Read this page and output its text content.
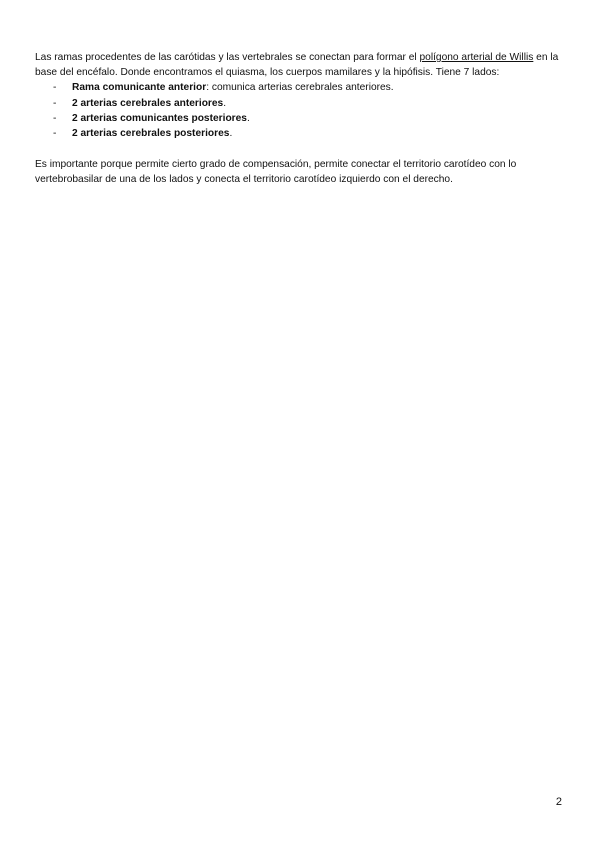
Las ramas procedentes de las carótidas y las vertebrales se conectan para formar el polígono arterial de Willis en la base del encéfalo. Donde encontramos el quiasma, los cuerpos mamilares y la hipófisis. Tiene 7 lados:

- Rama comunicante anterior: comunica arterias cerebrales anteriores.
- 2 arterias cerebrales anteriores.
- 2 arterias comunicantes posteriores.
- 2 arterias cerebrales posteriores.

Es importante porque permite cierto grado de compensación, permite conectar el territorio carotídeo con lo vertebrobasilar de una de los lados y conecta el territorio carotídeo izquierdo con el derecho.

2
